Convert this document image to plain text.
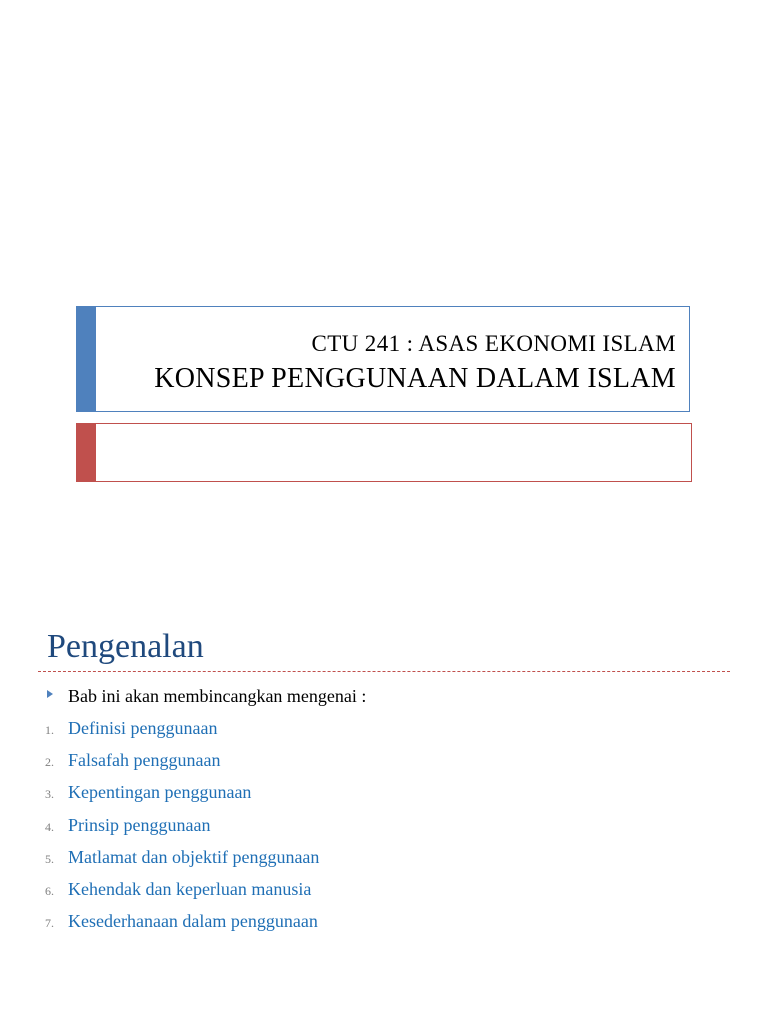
CTU 241 : ASAS EKONOMI ISLAM
KONSEP PENGGUNAAN DALAM ISLAM
Pengenalan
Bab ini akan membincangkan mengenai :
1. Definisi penggunaan
2. Falsafah penggunaan
3. Kepentingan penggunaan
4. Prinsip penggunaan
5. Matlamat dan objektif penggunaan
6. Kehendak dan keperluan manusia
7. Kesederhanaan dalam penggunaan
